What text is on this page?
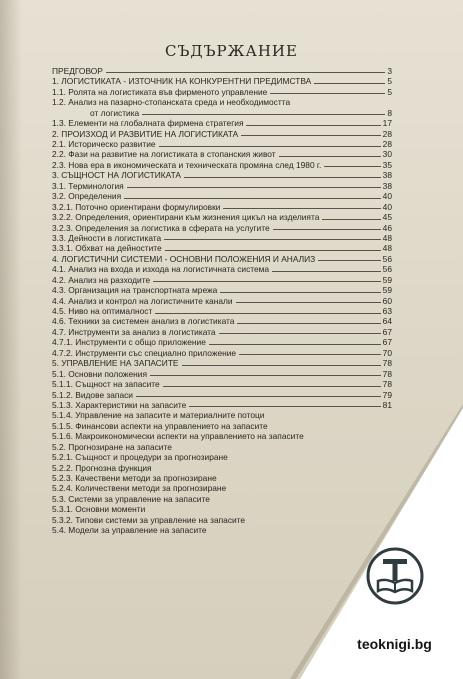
СЪДЪРЖАНИЕ
ПРЕДГОВОР	3
1. ЛОГИСТИКАТА - ИЗТОЧНИК НА КОНКУРЕНТНИ ПРЕДИМСТВА	5
1.1. Ролята на логистиката във фирменото управление	5
1.2. Анализ на пазарно-стопанската среда и необходимостта
от логистика	8
1.3. Елементи на глобалната фирмена стратегия	17
2. ПРОИЗХОД И РАЗВИТИЕ НА ЛОГИСТИКАТА	28
2.1. Историческо развитие	28
2.2. Фази на развитие на логистиката в стопанския живот	30
2.3. Нова ера в икономическата и техническата промяна след 1980 г.	35
3. СЪЩНОСТ НА ЛОГИСТИКАТА	38
3.1. Терминология	38
3.2. Определения	40
3.2.1. Поточно ориентирани формулировки	40
3.2.2. Определения, ориентирани към жизнения цикъл на изделията	45
3.2.3. Определения за логистика в сферата на услугите	46
3.3. Дейности в логистиката	48
3.3.1. Обхват на дейностите	48
4. ЛОГИСТИЧНИ СИСТЕМИ - ОСНОВНИ ПОЛОЖЕНИЯ И АНАЛИЗ	56
4.1. Анализ на входа и изхода на логистичната система	56
4.2. Анализ на разходите	59
4.3. Организация на транспортната мрежа	59
4.4. Анализ и контрол на логистичните канали	60
4.5. Ниво на оптималност	63
4.6. Техники за системен анализ в логистиката	64
4.7. Инструменти за анализ в логистиката	67
4.7.1. Инструменти с общо приложение	67
4.7.2. Инструменти със специално приложение	70
5. УПРАВЛЕНИЕ НА ЗАПАСИТЕ	78
5.1. Основни положения	78
5.1.1. Същност на запасите	78
5.1.2. Видове запаси	79
5.1.3. Характеристики на запасите	81
5.1.4. Управление на запасите и материалните потоци
5.1.5. Финансови аспекти на управлението на запасите
5.1.6. Макроикономически аспекти на управлението на запасите
5.2. Прогнозиране на запасите
5.2.1. Същност и процедури за прогнозиране
5.2.2. Прогнозна функция
5.2.3. Качествени методи за прогнозиране
5.2.4. Количествени методи за прогнозиране
5.3. Системи за управление на запасите
5.3.1. Основни моменти
5.3.2. Типови системи за управление на запасите
5.4. Модели за управление на запасите
teoknigi.bg
